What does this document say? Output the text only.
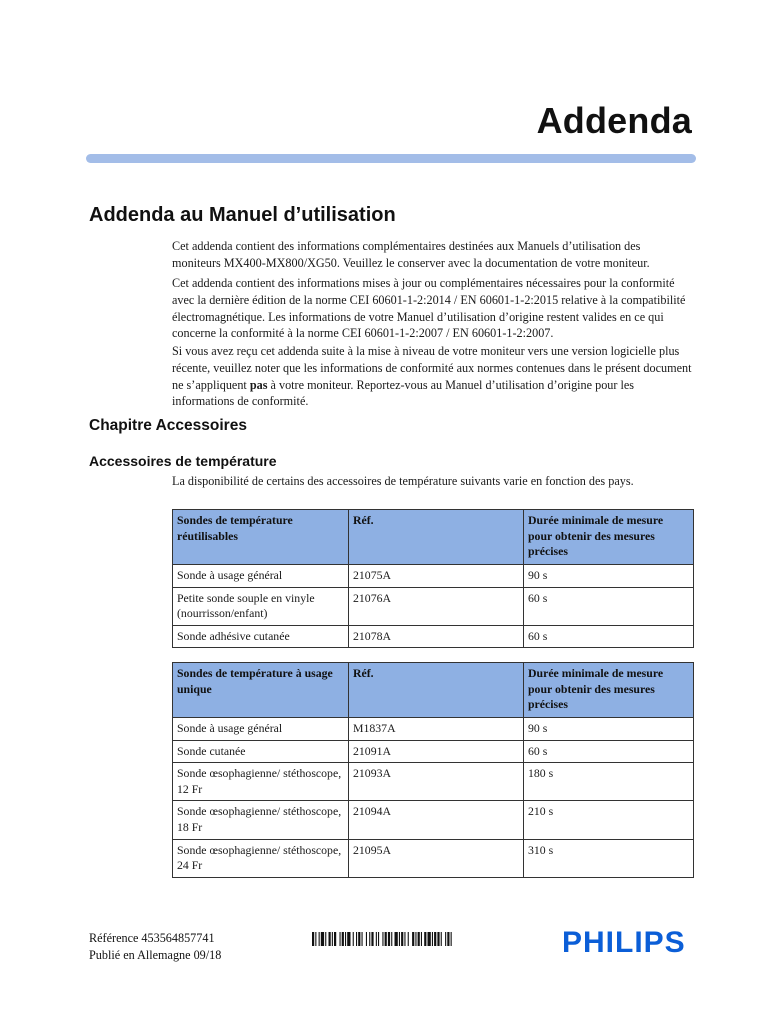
Addenda
Addenda au Manuel d’utilisation
Cet addenda contient des informations complémentaires destinées aux Manuels d’utilisation des moniteurs MX400-MX800/XG50. Veuillez le conserver avec la documentation de votre moniteur.
Cet addenda contient des informations mises à jour ou complémentaires nécessaires pour la conformité avec la dernière édition de la norme CEI 60601-1-2:2014 / EN 60601-1-2:2015 relative à la compatibilité électromagnétique. Les informations de votre Manuel d’utilisation d’origine restent valides en ce qui concerne la conformité à la norme CEI 60601-1-2:2007 / EN 60601-1-2:2007.
Si vous avez reçu cet addenda suite à la mise à niveau de votre moniteur vers une version logicielle plus récente, veuillez noter que les informations de conformité aux normes contenues dans le présent document ne s’appliquent pas à votre moniteur. Reportez-vous au Manuel d’utilisation d’origine pour les informations de conformité.
Chapitre Accessoires
Accessoires de température
La disponibilité de certains des accessoires de température suivants varie en fonction des pays.
Sondes de température réutilisables	Réf.	Durée minimale de mesure pour obtenir des mesures précises
Sonde à usage général	21075A	90 s
Petite sonde souple en vinyle (nourrisson/enfant)	21076A	60 s
Sonde adhésive cutanée	21078A	60 s
Sondes de température à usage unique	Réf.	Durée minimale de mesure pour obtenir des mesures précises
Sonde à usage général	M1837A	90 s
Sonde cutanée	21091A	60 s
Sonde œsophagienne/ stéthoscope, 12 Fr	21093A	180 s
Sonde œsophagienne/ stéthoscope, 18 Fr	21094A	210 s
Sonde œsophagienne/ stéthoscope, 24 Fr	21095A	310 s
Référence 453564857741
Publié en Allemagne 09/18	PHILIPS
